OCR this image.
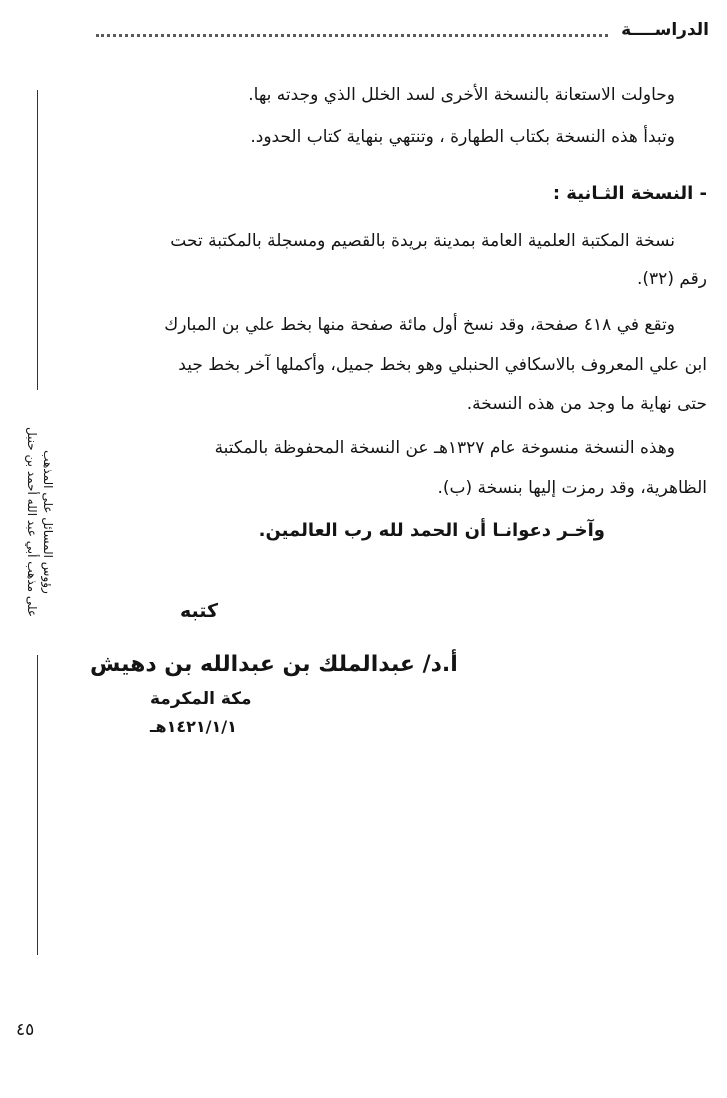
الدراســــة
رؤوس المسائل على المذهب
على مذهب أبي عبد الله أحمد بن حنبل
وحاولت الاستعانة بالنسخة الأخرى لسد الخلل الذي وجدته بها.
وتبدأ هذه النسخة بكتاب الطهارة ، وتنتهي بنهاية كتاب الحدود.
- النسخة الثـانية :
نسخة المكتبة العلمية العامة بمدينة بريدة بالقصيم ومسجلة بالمكتبة تحت
رقم (٣٢).
وتقع في ٤١٨ صفحة، وقد نسخ أول مائة صفحة منها بخط علي بن المبارك
ابن علي المعروف بالاسكافي الحنبلي وهو بخط جميل، وأكملها آخر بخط جيد
حتى نهاية ما وجد من هذه النسخة.
وهذه النسخة منسوخة عام ١٣٢٧هـ عن النسخة المحفوظة بالمكتبة
الظاهرية، وقد رمزت إليها بنسخة (ب).
وآخـر دعوانـا أن الحمد لله رب العالمين.
كتبه
أ.د/ عبدالملك بن عبدالله بن دهيش
مكة المكرمة
١٤٢١/١/١هـ
٤٥
